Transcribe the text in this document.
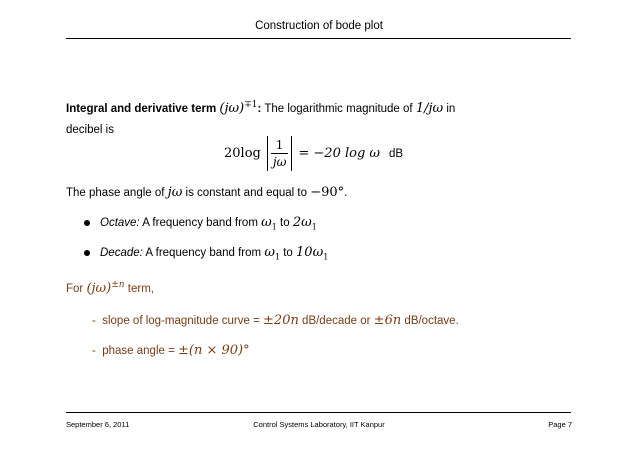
Construction of bode plot
Integral and derivative term $(j\omega)^{\mp 1}$: The logarithmic magnitude of 1/jω in
decibel is
$20\log \frac{1}{j\omega} = -20$ log ω dB
The phase angle of jω is constant and equal to −90°.
Octave: A frequency band from $\omega_1$ to $2\omega_1$
Decade: A frequency band from $\omega_1$ to $10\omega_1$
For $(j\omega)^{\pm n}$ term,
- slope of log-magnitude curve = ±20n dB/decade or ±6n dB/octave.
- phase angle = ±(n × 90)°
September 6, 2011	Control Systems Laboratory, IIT Kanpur	Page 7
